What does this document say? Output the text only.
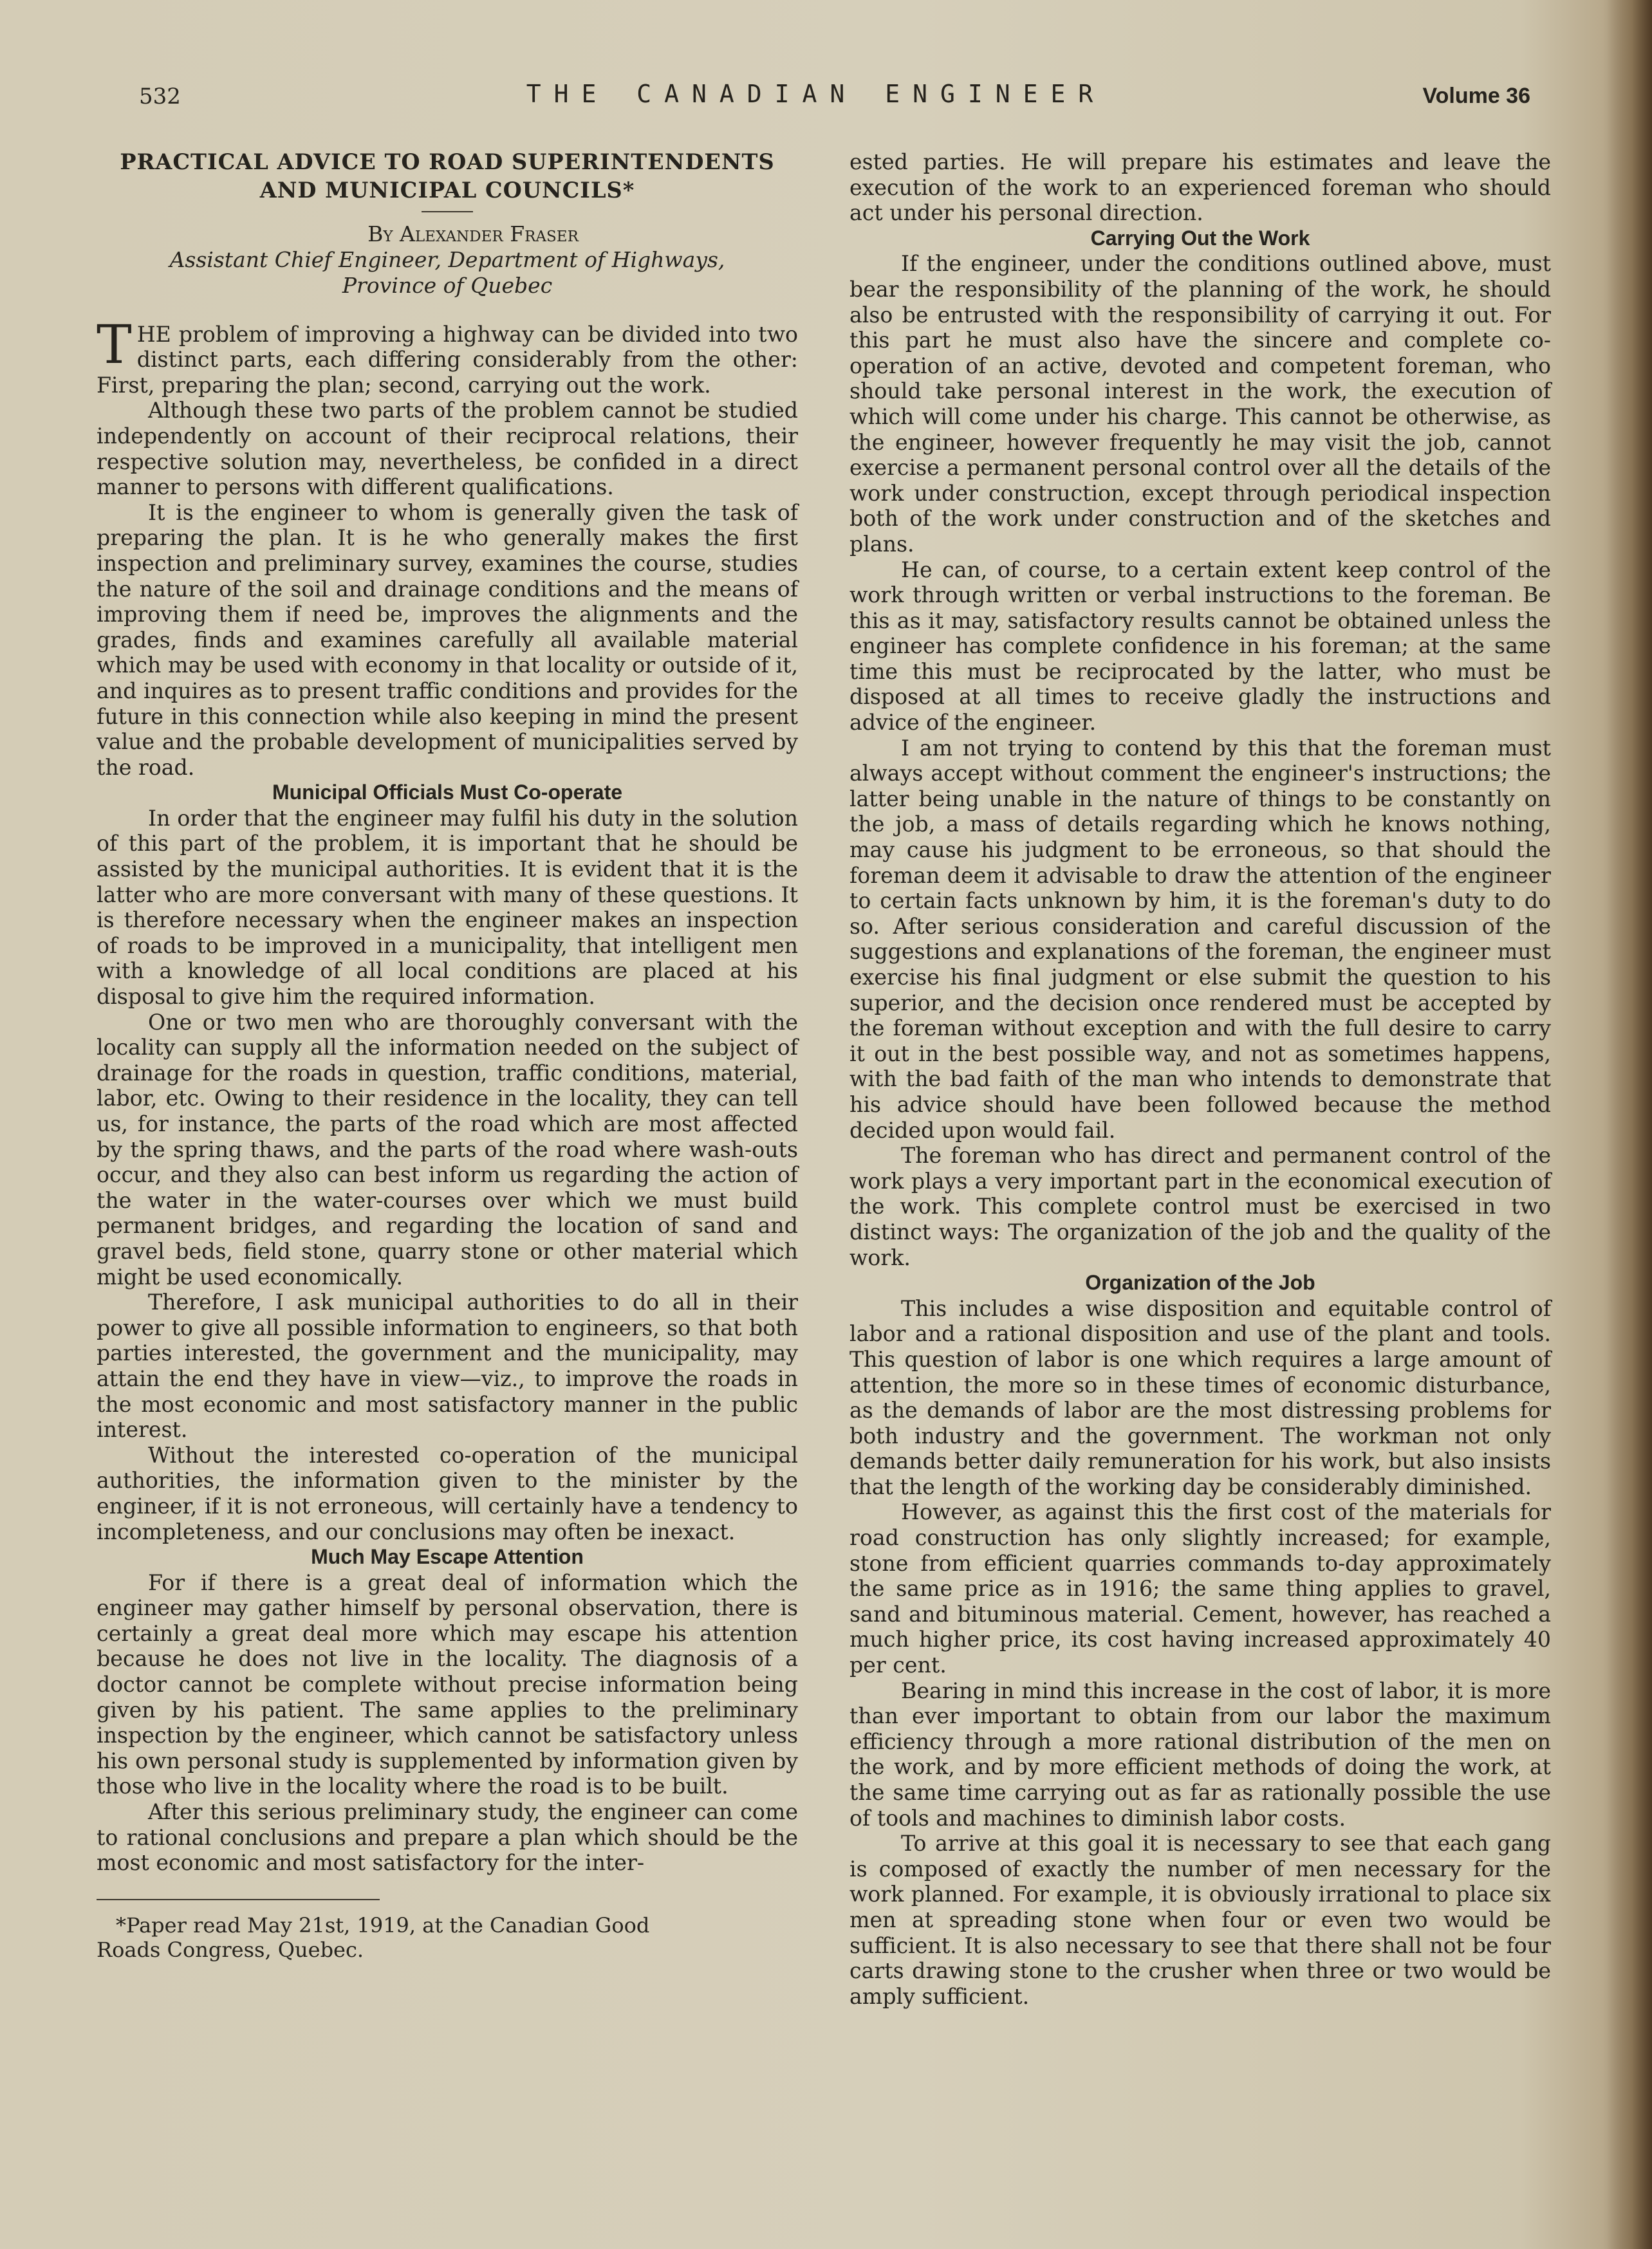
532	THE CANADIAN ENGINEER	Volume 36
PRACTICAL ADVICE TO ROAD SUPERINTENDENTS
AND MUNICIPAL COUNCILS*

By Alexander Fraser

Assistant Chief Engineer, Department of Highways,
Province of Quebec

THE problem of improving a highway can be divided into two distinct parts, each differing considerably from the other: First, preparing the plan; second, carrying out the work.

Although these two parts of the problem cannot be studied independently on account of their reciprocal relations, their respective solution may, nevertheless, be confided in a direct manner to persons with different qualifications.

It is the engineer to whom is generally given the task of preparing the plan. It is he who generally makes the first inspection and preliminary survey, examines the course, studies the nature of the soil and drainage conditions and the means of improving them if need be, improves the alignments and the grades, finds and examines carefully all available material which may be used with economy in that locality or outside of it, and inquires as to present traffic conditions and provides for the future in this connection while also keeping in mind the present value and the probable development of municipalities served by the road.

Municipal Officials Must Co-operate

In order that the engineer may fulfil his duty in the solution of this part of the problem, it is important that he should be assisted by the municipal authorities. It is evident that it is the latter who are more conversant with many of these questions. It is therefore necessary when the engineer makes an inspection of roads to be improved in a municipality, that intelligent men with a knowledge of all local conditions are placed at his disposal to give him the required information.

One or two men who are thoroughly conversant with the locality can supply all the information needed on the subject of drainage for the roads in question, traffic conditions, material, labor, etc. Owing to their residence in the locality, they can tell us, for instance, the parts of the road which are most affected by the spring thaws, and the parts of the road where wash-outs occur, and they also can best inform us regarding the action of the water in the water-courses over which we must build permanent bridges, and regarding the location of sand and gravel beds, field stone, quarry stone or other material which might be used economically.

Therefore, I ask municipal authorities to do all in their power to give all possible information to engineers, so that both parties interested, the government and the municipality, may attain the end they have in view—viz., to improve the roads in the most economic and most satisfactory manner in the public interest.

Without the interested co-operation of the municipal authorities, the information given to the minister by the engineer, if it is not erroneous, will certainly have a tendency to incompleteness, and our conclusions may often be inexact.

Much May Escape Attention

For if there is a great deal of information which the engineer may gather himself by personal observation, there is certainly a great deal more which may escape his attention because he does not live in the locality. The diagnosis of a doctor cannot be complete without precise information being given by his patient. The same applies to the preliminary inspection by the engineer, which cannot be satisfactory unless his own personal study is supplemented by information given by those who live in the locality where the road is to be built.

After this serious preliminary study, the engineer can come to rational conclusions and prepare a plan which should be the most economic and most satisfactory for the inter-

*Paper read May 21st, 1919, at the Canadian Good

Roads Congress, Quebec.

ested parties. He will prepare his estimates and leave the execution of the work to an experienced foreman who should act under his personal direction.

Carrying Out the Work

If the engineer, under the conditions outlined above, must bear the responsibility of the planning of the work, he should also be entrusted with the responsibility of carrying it out. For this part he must also have the sincere and complete co-operation of an active, devoted and competent foreman, who should take personal interest in the work, the execution of which will come under his charge. This cannot be otherwise, as the engineer, however frequently he may visit the job, cannot exercise a permanent personal control over all the details of the work under construction, except through periodical inspection both of the work under construction and of the sketches and plans.

He can, of course, to a certain extent keep control of the work through written or verbal instructions to the foreman. Be this as it may, satisfactory results cannot be obtained unless the engineer has complete confidence in his foreman; at the same time this must be reciprocated by the latter, who must be disposed at all times to receive gladly the instructions and advice of the engineer.

I am not trying to contend by this that the foreman must always accept without comment the engineer's instructions; the latter being unable in the nature of things to be constantly on the job, a mass of details regarding which he knows nothing, may cause his judgment to be erroneous, so that should the foreman deem it advisable to draw the attention of the engineer to certain facts unknown by him, it is the foreman's duty to do so. After serious consideration and careful discussion of the suggestions and explanations of the foreman, the engineer must exercise his final judgment or else submit the question to his superior, and the decision once rendered must be accepted by the foreman without exception and with the full desire to carry it out in the best possible way, and not as sometimes happens, with the bad faith of the man who intends to demonstrate that his advice should have been followed because the method decided upon would fail.

The foreman who has direct and permanent control of the work plays a very important part in the economical execution of the work. This complete control must be exercised in two distinct ways: The organization of the job and the quality of the work.

Organization of the Job

This includes a wise disposition and equitable control of labor and a rational disposition and use of the plant and tools. This question of labor is one which requires a large amount of attention, the more so in these times of economic disturbance, as the demands of labor are the most distressing problems for both industry and the government. The workman not only demands better daily remuneration for his work, but also insists that the length of the working day be considerably diminished.

However, as against this the first cost of the materials for road construction has only slightly increased; for example, stone from efficient quarries commands to-day approximately the same price as in 1916; the same thing applies to gravel, sand and bituminous material. Cement, however, has reached a much higher price, its cost having increased approximately 40 per cent.

Bearing in mind this increase in the cost of labor, it is more than ever important to obtain from our labor the maximum efficiency through a more rational distribution of the men on the work, and by more efficient methods of doing the work, at the same time carrying out as far as rationally possible the use of tools and machines to diminish labor costs.

To arrive at this goal it is necessary to see that each gang is composed of exactly the number of men necessary for the work planned. For example, it is obviously irrational to place six men at spreading stone when four or even two would be sufficient. It is also necessary to see that there shall not be four carts drawing stone to the crusher when three or two would be amply sufficient.
